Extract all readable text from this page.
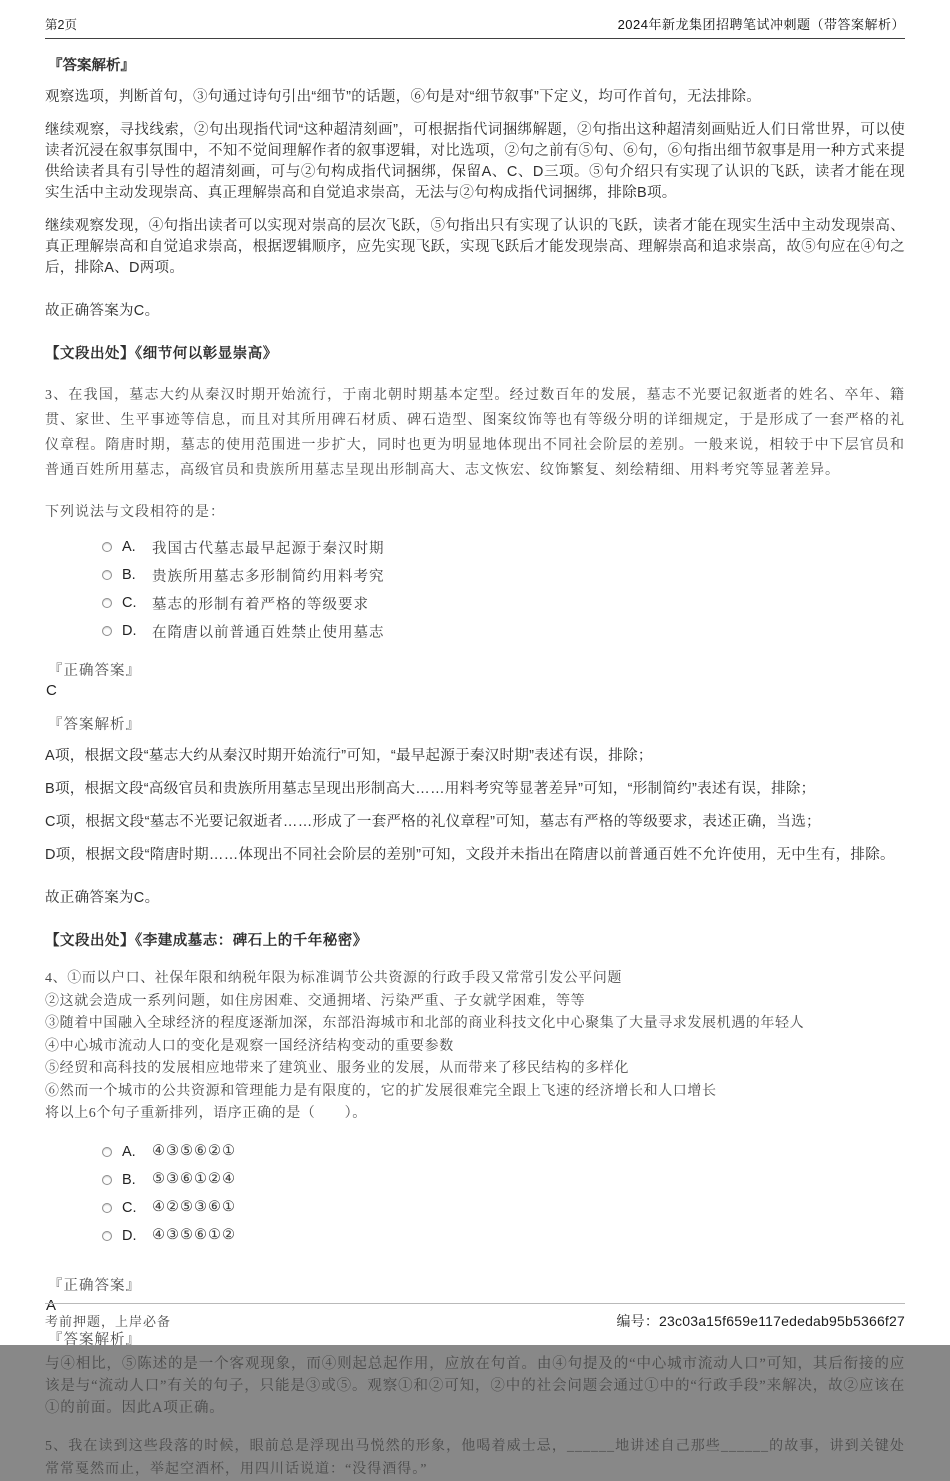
第2页	2024年新龙集团招聘笔试冲刺题（带答案解析）

『答案解析』

观察选项，判断首句，③句通过诗句引出“细节”的话题，⑥句是对“细节叙事”下定义，均可作首句，无法排除。

继续观察，寻找线索，②句出现指代词“这种超清刻画”，可根据指代词捆绑解题，②句指出这种超清刻画贴近人们日常世界，可以使读者沉浸在叙事氛围中，不知不觉间理解作者的叙事逻辑，对比选项，②句之前有⑤句、⑥句，⑥句指出细节叙事是用一种方式来提供给读者具有引导性的超清刻画，可与②句构成指代词捆绑，保留A、C、D三项。⑤句介绍只有实现了认识的飞跃，读者才能在现实生活中主动发现崇高、真正理解崇高和自觉追求崇高，无法与②句构成指代词捆绑，排除B项。

继续观察发现，④句指出读者可以实现对崇高的层次飞跃，⑤句指出只有实现了认识的飞跃，读者才能在现实生活中主动发现崇高、真正理解崇高和自觉追求崇高，根据逻辑顺序，应先实现飞跃，实现飞跃后才能发现崇高、理解崇高和追求崇高，故⑤句应在④句之后，排除A、D两项。

故正确答案为C。

【文段出处】《细节何以彰显崇高》

3、在我国，墓志大约从秦汉时期开始流行，于南北朝时期基本定型。经过数百年的发展，墓志不光要记叙逝者的姓名、卒年、籍贯、家世、生平事迹等信息，而且对其所用碑石材质、碑石造型、图案纹饰等也有等级分明的详细规定，于是形成了一套严格的礼仪章程。隋唐时期，墓志的使用范围进一步扩大，同时也更为明显地体现出不同社会阶层的差别。一般来说，相较于中下层官员和普通百姓所用墓志，高级官员和贵族所用墓志呈现出形制高大、志文恢宏、纹饰繁复、刻绘精细、用料考究等显著差异。

下列说法与文段相符的是：

A.	我国古代墓志最早起源于秦汉时期
B.	贵族所用墓志多形制简约用料考究
C.	墓志的形制有着严格的等级要求
D.	在隋唐以前普通百姓禁止使用墓志

『正确答案』

C

『答案解析』

A项，根据文段“墓志大约从秦汉时期开始流行”可知，“最早起源于秦汉时期”表述有误，排除；

B项，根据文段“高级官员和贵族所用墓志呈现出形制高大……用料考究等显著差异”可知，“形制简约”表述有误，排除；

C项，根据文段“墓志不光要记叙逝者……形成了一套严格的礼仪章程”可知，墓志有严格的等级要求，表述正确，当选；

D项，根据文段“隋唐时期……体现出不同社会阶层的差别”可知，文段并未指出在隋唐以前普通百姓不允许使用，无中生有，排除。

故正确答案为C。

【文段出处】《李建成墓志：碑石上的千年秘密》

4、①而以户口、社保年限和纳税年限为标准调节公共资源的行政手段又常常引发公平问题
②这就会造成一系列问题，如住房困难、交通拥堵、污染严重、子女就学困难，等等
③随着中国融入全球经济的程度逐渐加深，东部沿海城市和北部的商业科技文化中心聚集了大量寻求发展机遇的年轻人
④中心城市流动人口的变化是观察一国经济结构变动的重要参数
⑤经贸和高科技的发展相应地带来了建筑业、服务业的发展，从而带来了移民结构的多样化
⑥然而一个城市的公共资源和管理能力是有限度的，它的扩发展很难完全跟上飞速的经济增长和人口增长
将以上6个句子重新排列，语序正确的是（　　）。
A.	④③⑤⑥②①
B.	⑤③⑥①②④
C.	④②⑤③⑥①
D.	④③⑤⑥①②

『正确答案』

A

『答案解析』

与④相比，⑤陈述的是一个客观现象，而④则起总起作用，应放在句首。由④句提及的“中心城市流动人口”可知，其后衔接的应该是与“流动人口”有关的句子，只能是③或⑤。观察①和②可知，②中的社会问题会通过①中的“行政手段”来解决，故②应该在①的前面。因此A项正确。

5、我在读到这些段落的时候，眼前总是浮现出马悦然的形象，他喝着威士忌，______地讲述自己那些______的故事，讲到关键处常常戛然而止，举起空酒杯，用四川话说道：“没得酒得。”

考前押题，上岸必备	编号：23c03a15f659e117ededab95b5366f27
